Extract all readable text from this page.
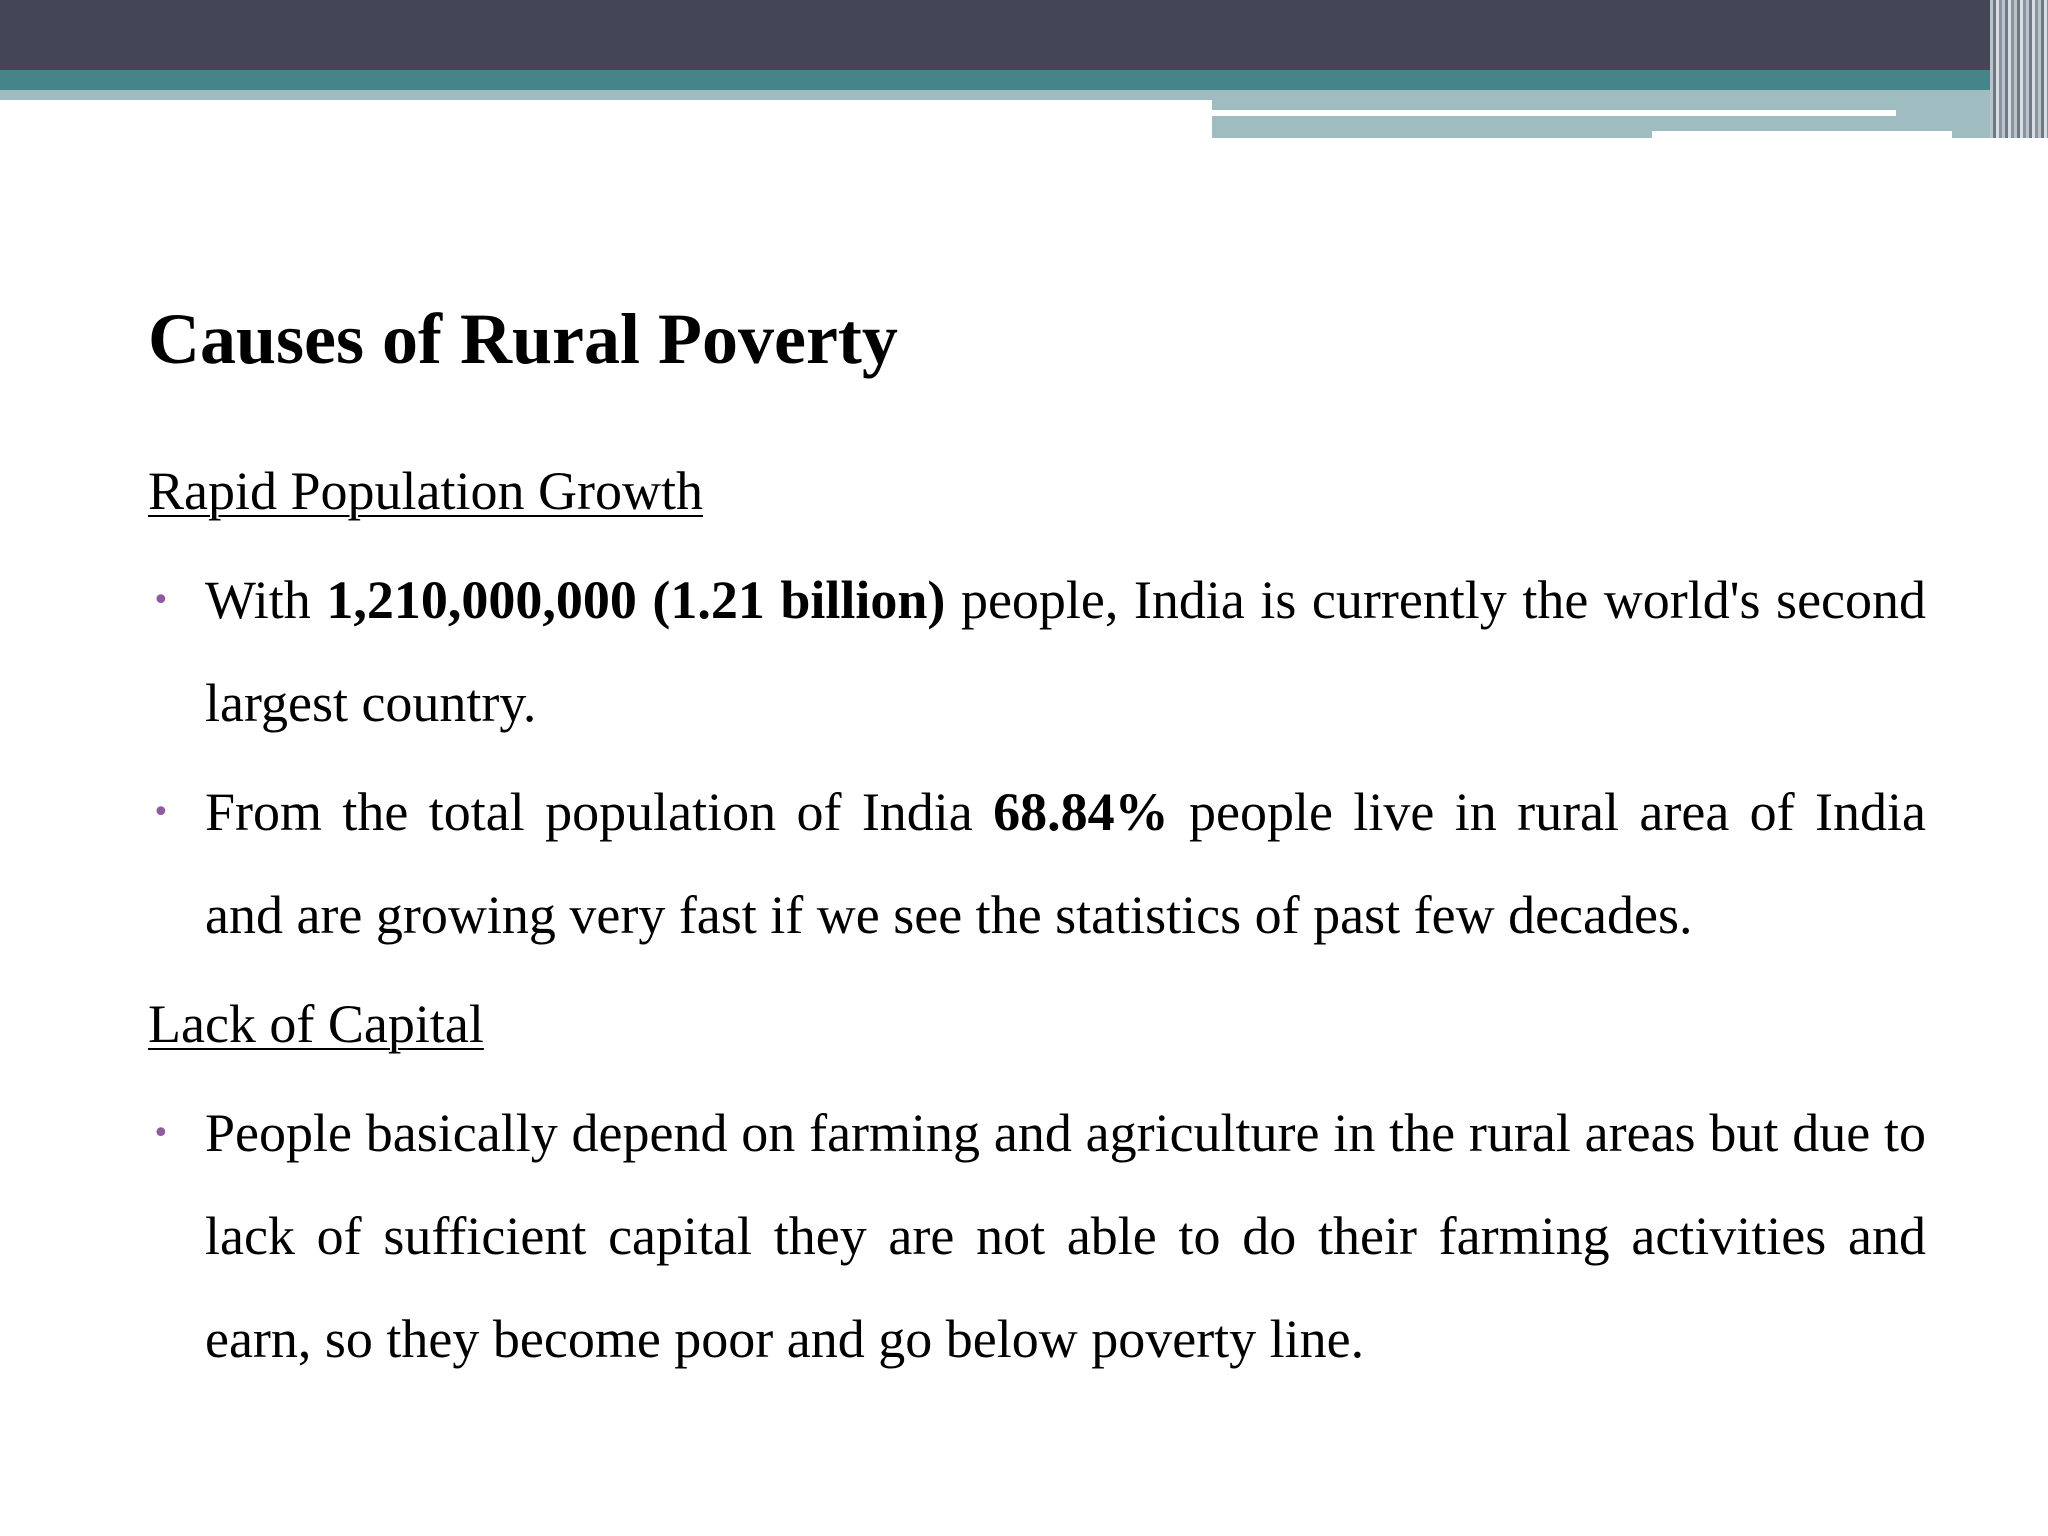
Causes of Rural Poverty

Rapid Population Growth

• With 1,210,000,000 (1.21 billion) people, India is currently the world's second largest country.

• From the total population of India 68.84% people live in rural area of India and are growing very fast if we see the statistics of past few decades.

Lack of Capital

• People basically depend on farming and agriculture in the rural areas but due to lack of sufficient capital they are not able to do their farming activities and earn, so they become poor and go below poverty line.
